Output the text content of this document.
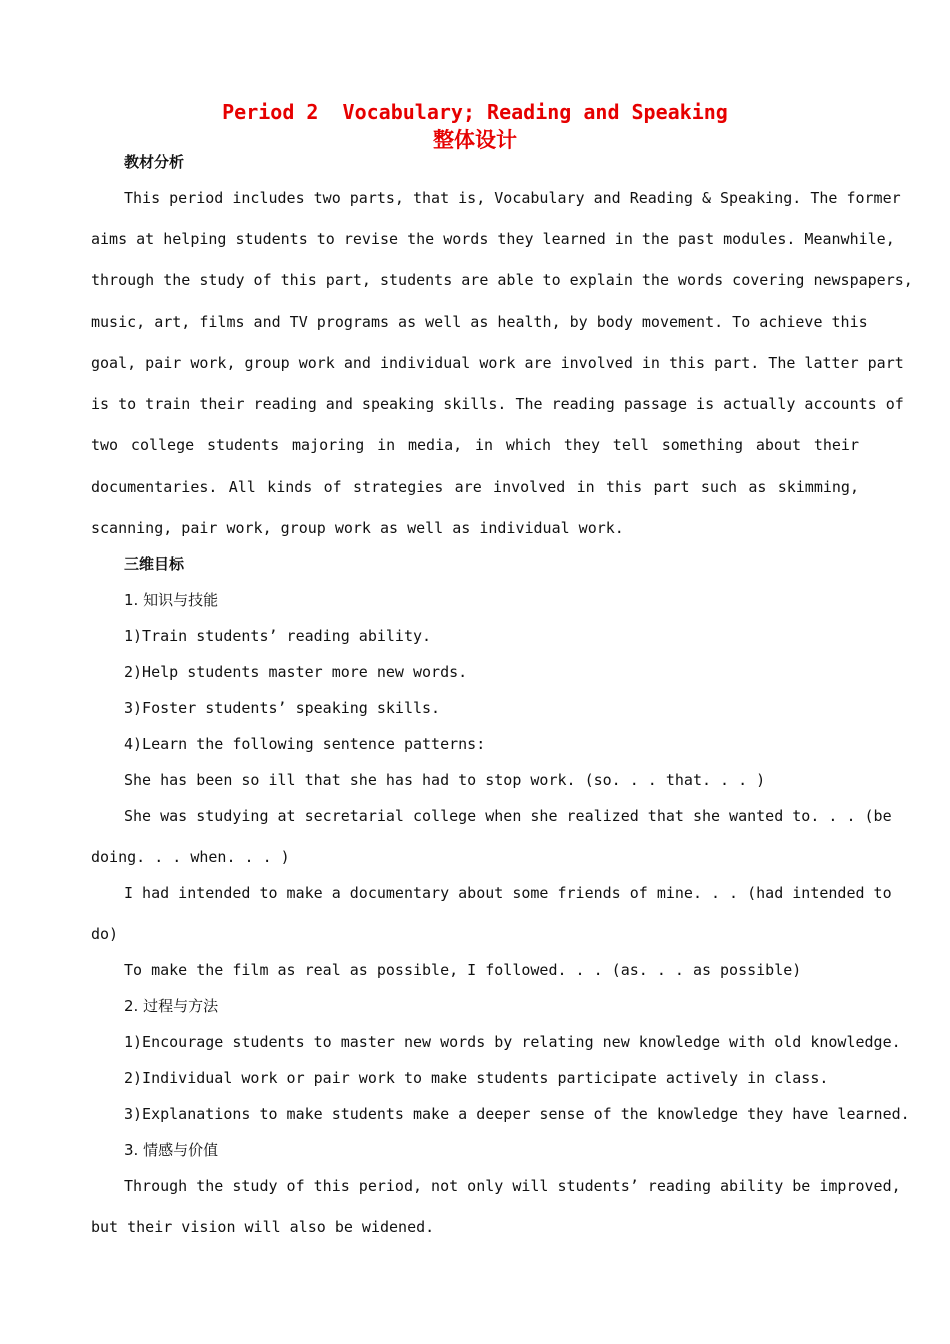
Period 2  Vocabulary; Reading and Speaking
整体设计
教材分析
This period includes two parts, that is, Vocabulary and Reading & Speaking. The former
aims at helping students to revise the words they learned in the past modules. Meanwhile,
through the study of this part, students are able to explain the words covering newspapers,
music, art, films and TV programs as well as health, by body movement. To achieve this
goal, pair work, group work and individual work are involved in this part. The latter part
is to train their reading and speaking skills. The reading passage is actually accounts of
two college students majoring in media, in which they tell something about their
documentaries. All kinds of strategies are involved in this part such as skimming,
scanning, pair work, group work as well as individual work.
三维目标
1. 知识与技能
1)Train students’ reading ability.
2)Help students master more new words.
3)Foster students’ speaking skills.
4)Learn the following sentence patterns:
She has been so ill that she has had to stop work. (so. . . that. . . )
She was studying at secretarial college when she realized that she wanted to. . . (be
doing. . . when. . . )
I had intended to make a documentary about some friends of mine. . . (had intended to
do)
To make the film as real as possible, I followed. . . (as. . . as possible)
2. 过程与方法
1)Encourage students to master new words by relating new knowledge with old knowledge.
2)Individual work or pair work to make students participate actively in class.
3)Explanations to make students make a deeper sense of the knowledge they have learned.
3. 情感与价值
Through the study of this period, not only will students’ reading ability be improved,
but their vision will also be widened.
